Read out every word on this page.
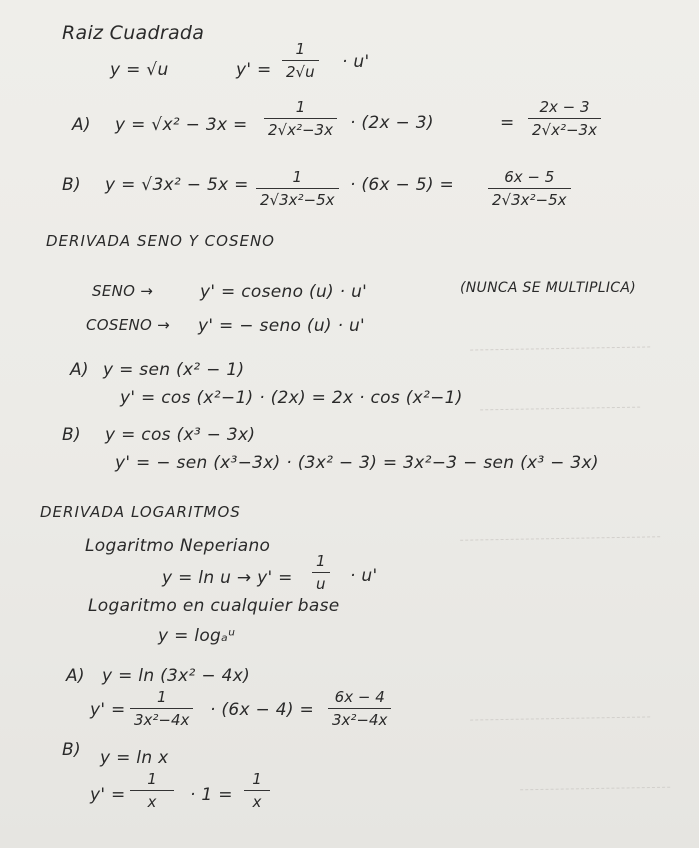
Raiz Cuadrada
y = √u	y' =
1
2√u · u'
A) y = √x² − 3x =
1
2√x²−3x · (2x − 3)	=
2x − 3
2√x²−3x
B) y = √3x² − 5x =	1
2√3x²−5x
· (6x − 5) =	6x − 5
2√3x²−5x
DERIVADA SENO Y COSENO
SENO →	y' = coseno (u) · u'	(NUNCA SE MULTIPLICA)
COSENO → y' = − seno (u) · u'
A) y = sen (x² − 1)
y' = cos (x²−1) · (2x) = 2x · cos (x²−1)
B) y = cos (x³ − 3x)
y' = − sen (x³−3x) · (3x² − 3) = 3x²−3 − sen (x³ − 3x)
DERIVADA LOGARITMOS
Logaritmo Neperiano
y = ln u → y' =
1
u · u'
Logaritmo en cualquier base
y = logₐᵘ
A) y = ln (3x² − 4x)
y' =
1
3x²−4x · (6x − 4) =
6x − 4
3x²−4x
B) y = ln x
y' =
1
x · 1 =
1
x
